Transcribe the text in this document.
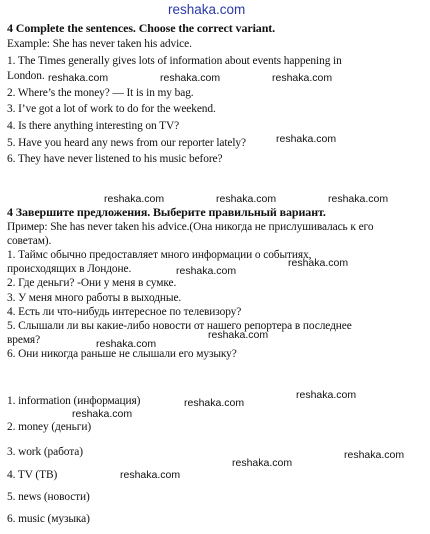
reshaka.com
4 Complete the sentences. Choose the correct variant.
Example: She has never taken his advice.
1. The Times generally gives lots of information about events happening in
London.
2. Where’s the money? — It is in my bag.
3. I’ve got a lot of work to do for the weekend.
4. Is there anything interesting on TV?
5. Have you heard any news from our reporter lately?
6. They have never listened to his music before?
4 Завершите предложения. Выберите правильный вариант.
Пример: She has never taken his advice.(Она никогда не прислушивалась к его
советам).
1. Таймс обычно предоставляет много информации о событиях,
происходящих в Лондоне.
2. Где деньги? -Они у меня в сумке.
3. У меня много работы в выходные.
4. Есть ли что-нибудь интересное по телевизору?
5. Слышали ли вы какие-либо новости от нашего репортера в последнее
время?
6. Они никогда раньше не слышали его музыку?
1. information (информация)
2. money (деньги)
3. work (работа)
4. TV (ТВ)
5. news (новости)
6. music (музыка)
reshaka.com	reshaka.com	reshaka.com
reshaka.com
reshaka.com	reshaka.com	reshaka.com
reshaka.com
reshaka.com
reshaka.com
reshaka.com
reshaka.com
reshaka.com
reshaka.com
reshaka.com
reshaka.com
reshaka.com
